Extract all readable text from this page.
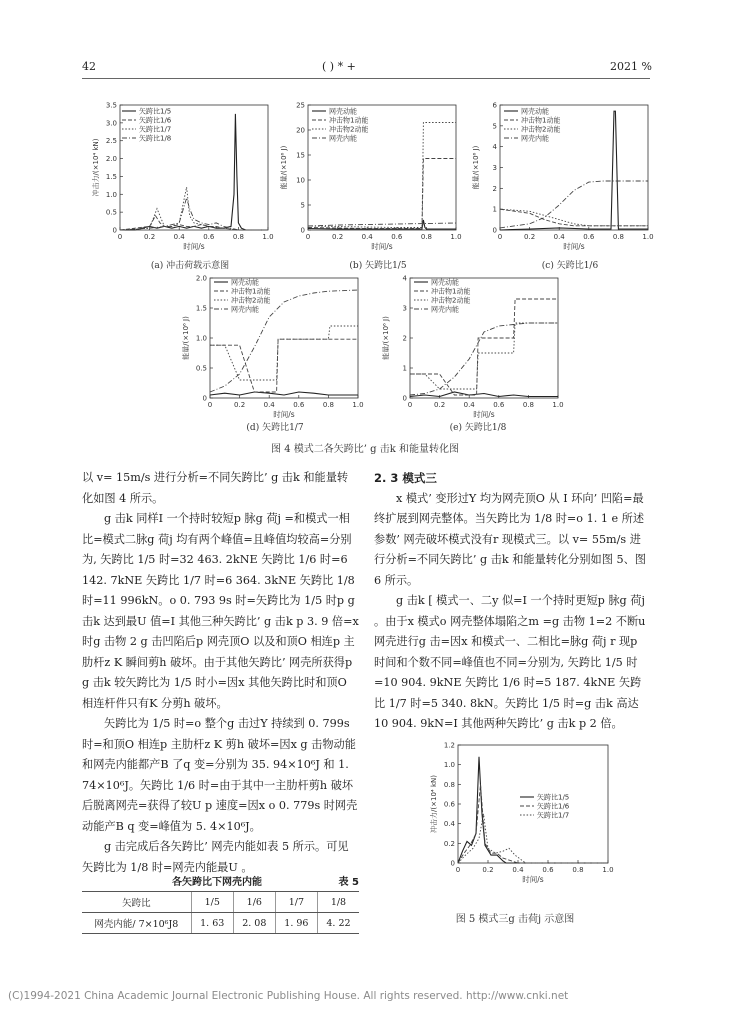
42	( ) * +	2021 %
0	0.2	0.4	0.6	0.8	1.0
0
0.5
1.0
1.5
2.0
2.5
3.0
3.5
时间/s
冲击力/(×10⁴ kN)
矢跨比1/5
矢跨比1/6
矢跨比1/7
矢跨比1/8
0	0.2	0.4	0.6	0.8	1.0
0
5
10
15
20
25
时间/s
能量/(×10⁶ J)
网壳动能
冲击物1动能
冲击物2动能
网壳内能
0	0.2	0.4	0.6	0.8	1.0
0
1
2
3
4
5
6
时间/s
能量/(×10⁶ J)
网壳动能
冲击物1动能
冲击物2动能
网壳内能
0	0.2	0.4	0.6	0.8	1.0
0
0.5
1.0
1.5
2.0
时间/s
能量/(×10⁶ J)
网壳动能
冲击物1动能
冲击物2动能
网壳内能
0	0.2	0.4	0.6	0.8	1.0
0
1
2
3
4
时间/s
能量/(×10⁶ J)
网壳动能
冲击物1动能
冲击物2动能
网壳内能
(a) 冲击荷载示意图	(b) 矢跨比1/5	(c) 矢跨比1/6
(d) 矢跨比1/7	(e) 矢跨比1/8
图 4 模式二各矢跨比’ g 击k 和能量转化图

以 v= 15m/s 进行分析=不同矢跨比’ g 击k 和能量转化如图 4 所示。

g 击k 同样I 一个持时较短p 脉g 荷j =和模式一相比=模式二脉g 荷j 均有两个峰值=且峰值均较高=分别为, 矢跨比 1/5 时=32 463. 2kNE 矢跨比 1/6 时=6 142. 7kNE 矢跨比 1/7 时=6 364. 3kNE 矢跨比 1/8 时=11 996kN。o 0. 793 9s 时=矢跨比为 1/5 时p g 击k 达到最U 值=I 其他三种矢跨比’ g 击k p 3. 9 倍=x 时g 击物 2 g 击凹陷后p 网壳顶O 以及和顶O 相连p 主肋杆z K 瞬间剪h 破坏。由于其他矢跨比’ 网壳所获得p g 击k 较矢跨比为 1/5 时小=因x 其他矢跨比时和顶O 相连杆件只有K 分剪h 破坏。

矢跨比为 1/5 时=o 整个g 击过Y 持续到 0. 799s 时=和顶O 相连p 主肋杆z K 剪h 破坏=因x g 击物动能和网壳内能都产B 了q 变=分别为 35. 94×10⁶J 和 1. 74×10⁶J。矢跨比 1/6 时=由于其中一主肋杆剪h 破坏后脱离网壳=获得了较U p 速度=因x o 0. 779s 时网壳动能产B q 变=峰值为 5. 4×10⁶J。

g 击完成后各矢跨比’ 网壳内能如表 5 所示。可见矢跨比为 1/8 时=网壳内能最U 。

各矢跨比下网壳内能	表 5
矢跨比	1/5	1/6	1/7	1/8
网壳内能/ 7×10⁶J8	1. 63	2. 08	1. 96	4. 22
2. 3 模式三

x 模式’ 变形过Y 均为网壳顶O 从 I 环向’ 凹陷=最终扩展到网壳整体。当矢跨比为 1/8 时=o 1. 1 e 所述参数’ 网壳破坏模式没有r 现模式三。以 v= 55m/s 进行分析=不同矢跨比’ g 击k 和能量转化分别如图 5、图 6 所示。

g 击k [ 模式一、二y 似=I 一个持时更短p 脉g 荷j 。由于x 模式o 网壳整体塌陷之m =g 击物 1=2 不断u 网壳进行g 击=因x 和模式一、二相比=脉g 荷j r 现p 时间和个数不同=峰值也不同=分别为, 矢跨比 1/5 时=10 904. 9kNE 矢跨比 1/6 时=5 187. 4kNE 矢跨比 1/7 时=5 340. 8kN。矢跨比 1/5 时=g 击k 高达 10 904. 9kN=I 其他两种矢跨比’ g 击k p 2 倍。

0	0.2	0.4	0.6	0.8	1.0
0
0.2
0.4
0.6
0.8
1.0
1.2
时间/s
冲击力/(×10⁴ kN)	矢跨比1/5
矢跨比1/6
矢跨比1/7
图 5 模式三g 击荷j 示意图
(C)1994-2021 China Academic Journal Electronic Publishing House. All rights reserved. http://www.cnki.net
